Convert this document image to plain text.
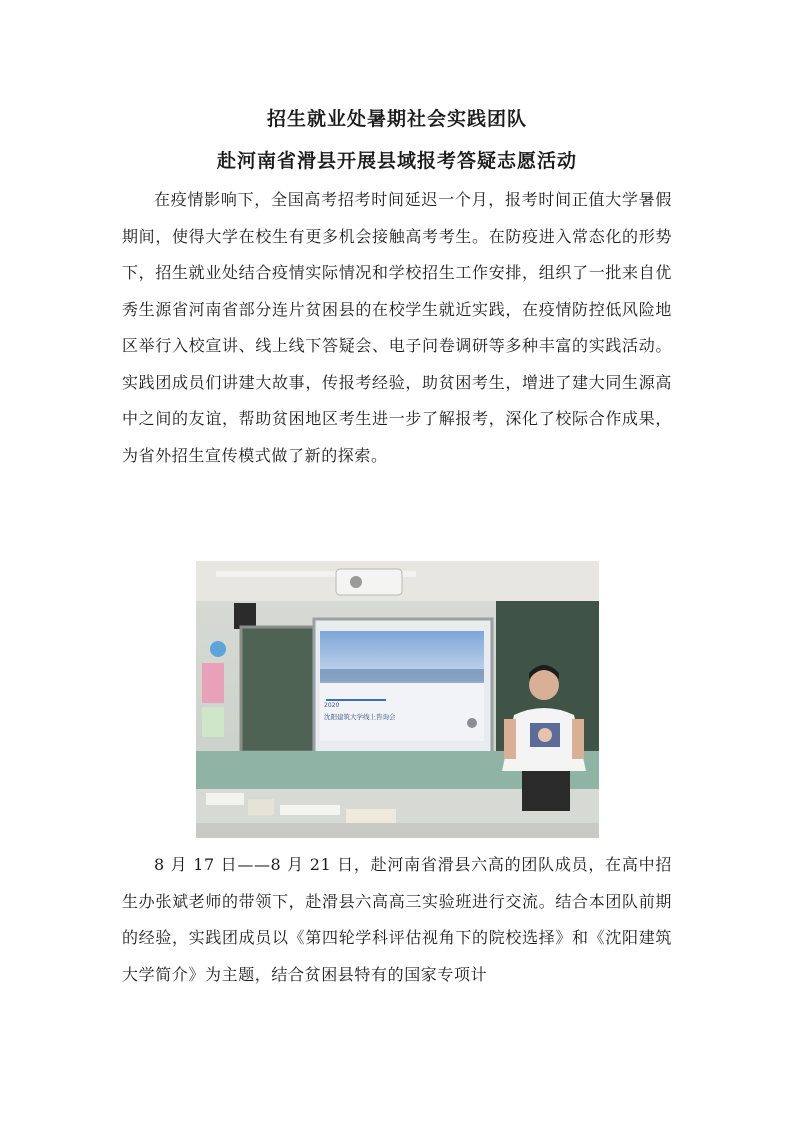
招生就业处暑期社会实践团队
赴河南省滑县开展县域报考答疑志愿活动

在疫情影响下，全国高考招考时间延迟一个月，报考时间正值大学暑假期间，使得大学在校生有更多机会接触高考考生。在防疫进入常态化的形势下，招生就业处结合疫情实际情况和学校招生工作安排，组织了一批来自优秀生源省河南省部分连片贫困县的在校学生就近实践，在疫情防控低风险地区举行入校宣讲、线上线下答疑会、电子问卷调研等多种丰富的实践活动。实践团成员们讲建大故事，传报考经验，助贫困考生，增进了建大同生源高中之间的友谊，帮助贫困地区考生进一步了解报考，深化了校际合作成果，为省外招生宣传模式做了新的探索。

2020
沈阳建筑大学线上咨询会

8 月 17 日——8 月 21 日，赴河南省滑县六高的团队成员，在高中招生办张斌老师的带领下，赴滑县六高高三实验班进行交流。结合本团队前期的经验，实践团成员以《第四轮学科评估视角下的院校选择》和《沈阳建筑大学简介》为主题，结合贫困县特有的国家专项计
